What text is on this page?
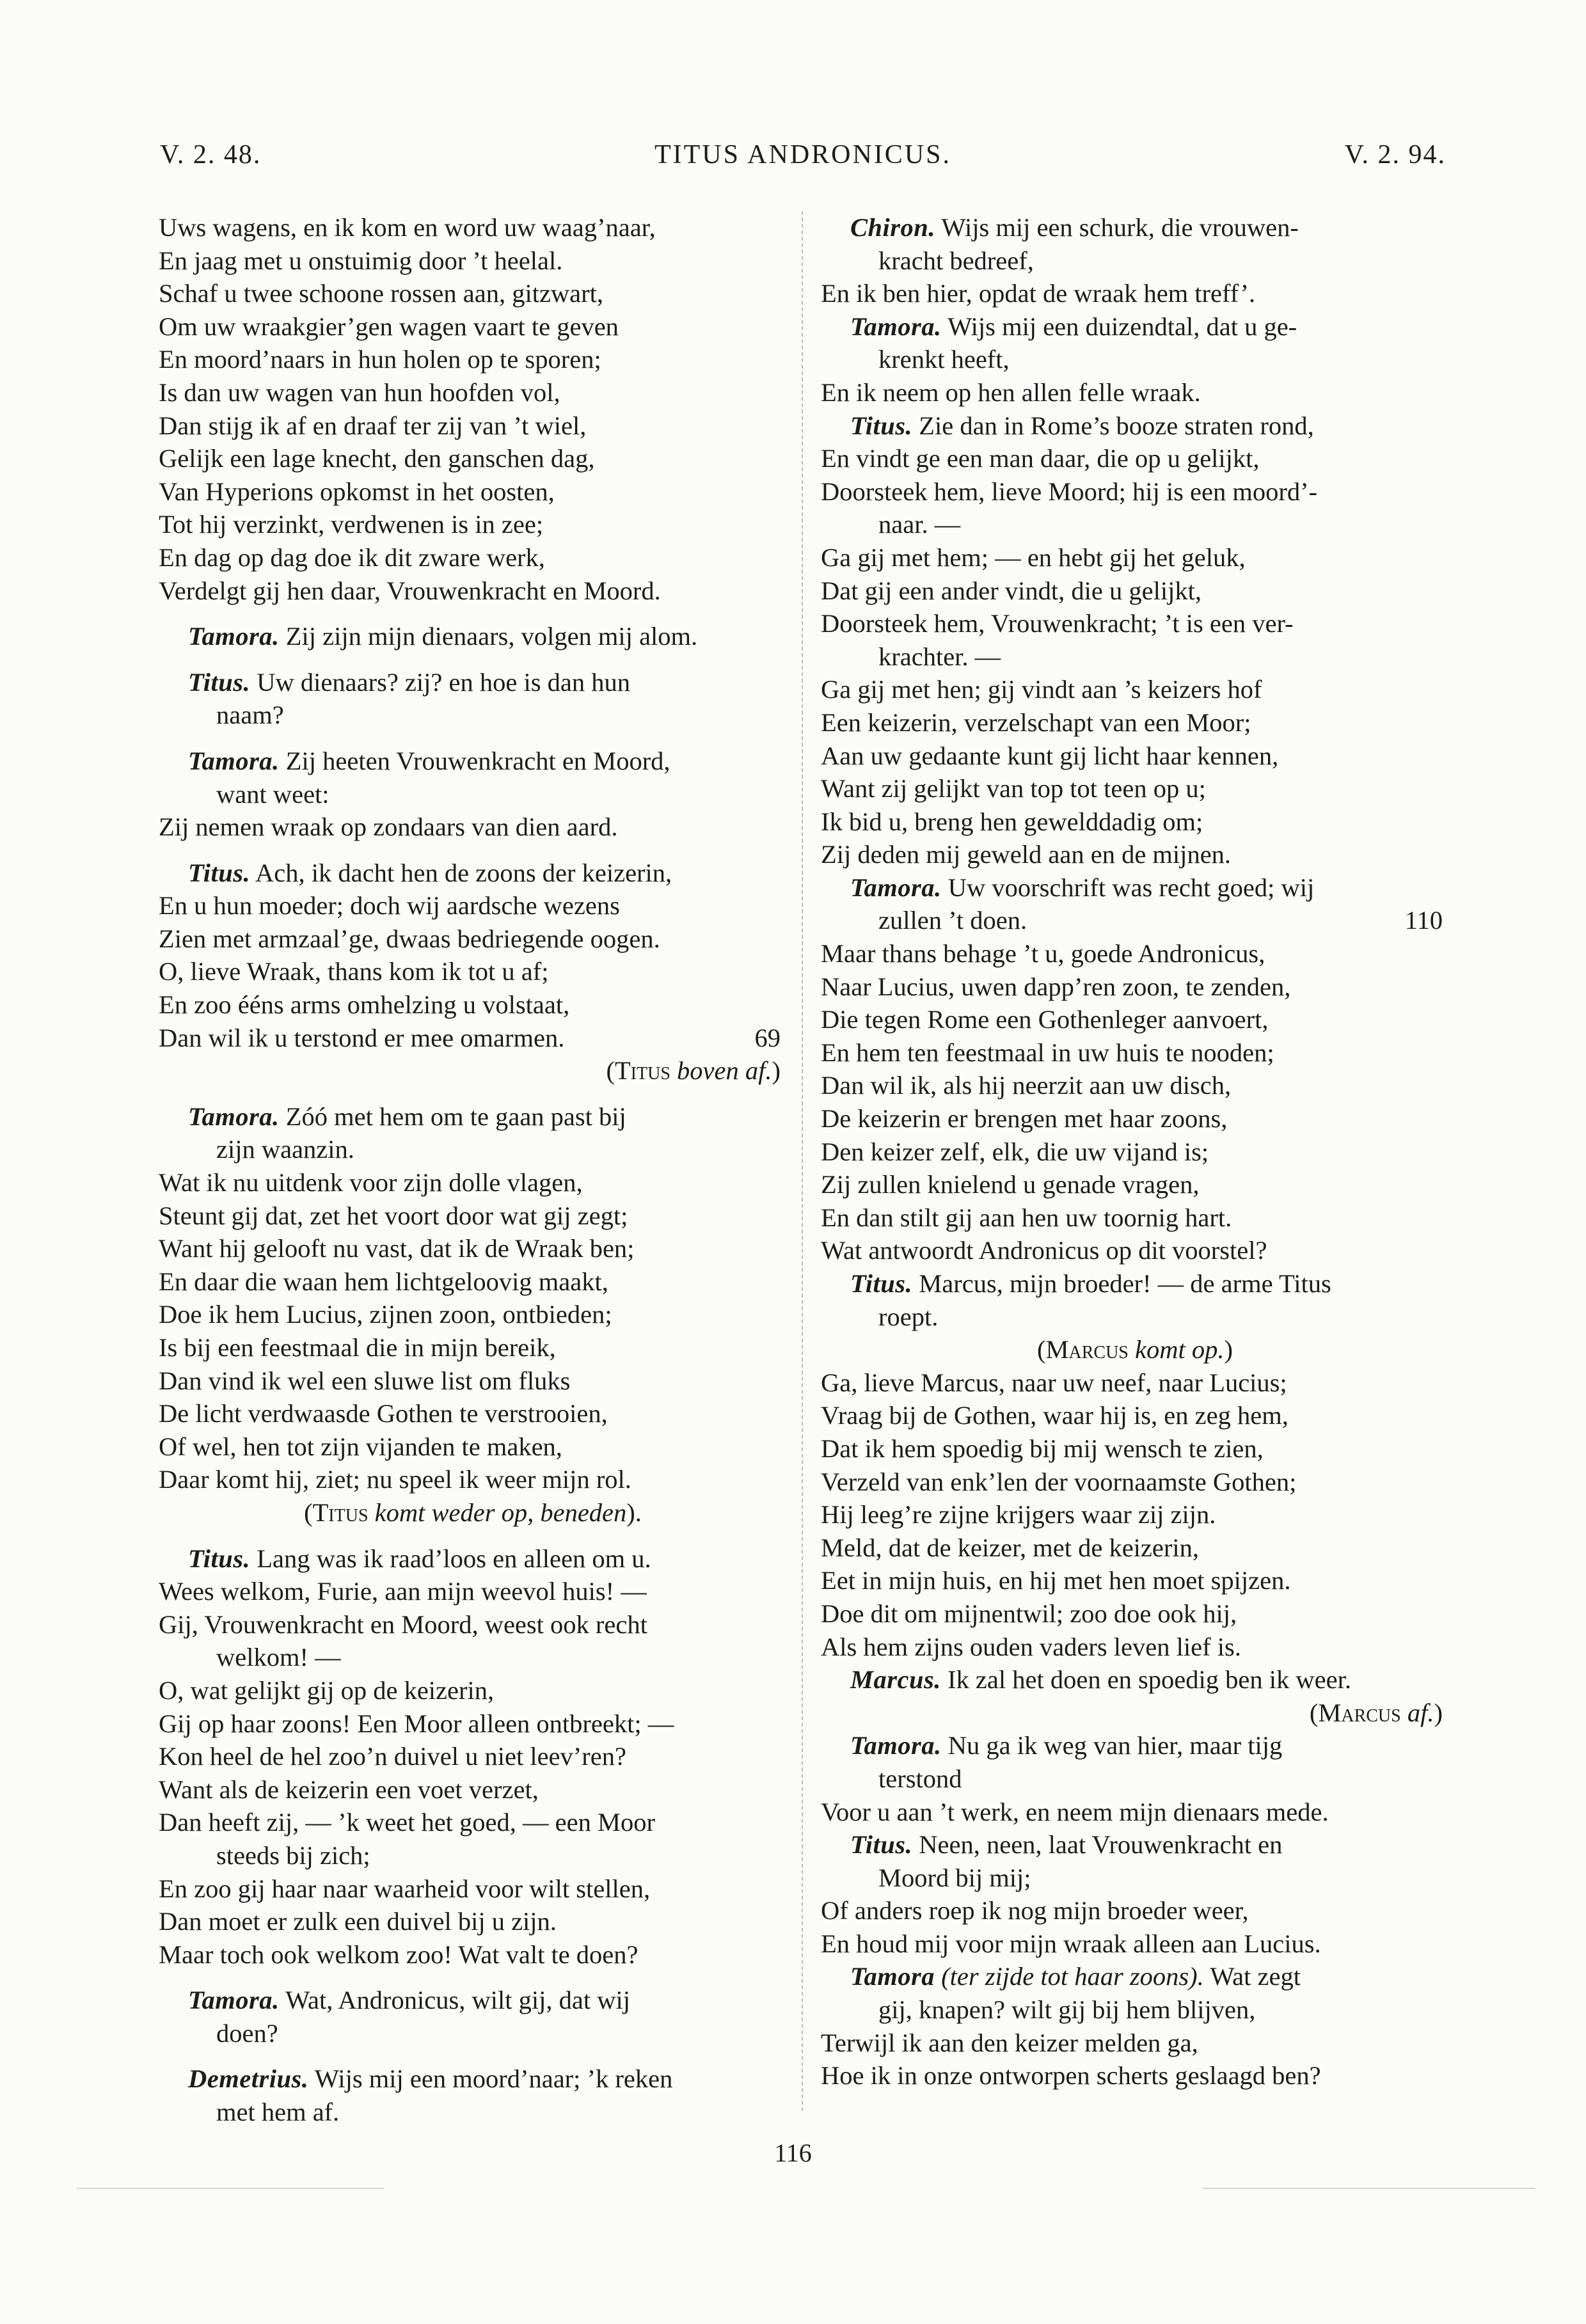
V. 2. 48.	TITUS ANDRONICUS.	V. 2. 94.
Uws wagens, en ik kom en word uw waag’naar,
En jaag met u onstuimig door ’t heelal.
Schaf u twee schoone rossen aan, gitzwart,
Om uw wraakgier’gen wagen vaart te geven
En moord’naars in hun holen op te sporen;
Is dan uw wagen van hun hoofden vol,
Dan stijg ik af en draaf ter zij van ’t wiel,
Gelijk een lage knecht, den ganschen dag,
Van Hyperions opkomst in het oosten,
Tot hij verzinkt, verdwenen is in zee;
En dag op dag doe ik dit zware werk,
Verdelgt gij hen daar, Vrouwenkracht en Moord.
Tamora. Zij zijn mijn dienaars, volgen mij alom.
Titus. Uw dienaars? zij? en hoe is dan hun
naam?
Tamora. Zij heeten Vrouwenkracht en Moord,
want weet:
Zij nemen wraak op zondaars van dien aard.
Titus. Ach, ik dacht hen de zoons der keizerin,
En u hun moeder; doch wij aardsche wezens
Zien met armzaal’ge, dwaas bedriegende oogen.
O, lieve Wraak, thans kom ik tot u af;
En zoo ééns arms omhelzing u volstaat,
Dan wil ik u terstond er mee omarmen.	69
(Titus boven af.)
Tamora. Zóó met hem om te gaan past bij
zijn waanzin.
Wat ik nu uitdenk voor zijn dolle vlagen,
Steunt gij dat, zet het voort door wat gij zegt;
Want hij gelooft nu vast, dat ik de Wraak ben;
En daar die waan hem lichtgeloovig maakt,
Doe ik hem Lucius, zijnen zoon, ontbieden;
Is bij een feestmaal die in mijn bereik,
Dan vind ik wel een sluwe list om fluks
De licht verdwaasde Gothen te verstrooien,
Of wel, hen tot zijn vijanden te maken,
Daar komt hij, ziet; nu speel ik weer mijn rol.
(Titus komt weder op, beneden).
Titus. Lang was ik raad’loos en alleen om u.
Wees welkom, Furie, aan mijn weevol huis! —
Gij, Vrouwenkracht en Moord, weest ook recht
welkom! —
O, wat gelijkt gij op de keizerin,
Gij op haar zoons! Een Moor alleen ontbreekt; —
Kon heel de hel zoo’n duivel u niet leev’ren?
Want als de keizerin een voet verzet,
Dan heeft zij, — ’k weet het goed, — een Moor
steeds bij zich;
En zoo gij haar naar waarheid voor wilt stellen,
Dan moet er zulk een duivel bij u zijn.
Maar toch ook welkom zoo! Wat valt te doen?
Tamora. Wat, Andronicus, wilt gij, dat wij
doen?
Demetrius. Wijs mij een moord’naar; ’k reken
met hem af.
Chiron. Wijs mij een schurk, die vrouwen-
kracht bedreef,
En ik ben hier, opdat de wraak hem treff’.
Tamora. Wijs mij een duizendtal, dat u ge-
krenkt heeft,
En ik neem op hen allen felle wraak.
Titus. Zie dan in Rome’s booze straten rond,
En vindt ge een man daar, die op u gelijkt,
Doorsteek hem, lieve Moord; hij is een moord’-
naar. —
Ga gij met hem; — en hebt gij het geluk,
Dat gij een ander vindt, die u gelijkt,
Doorsteek hem, Vrouwenkracht; ’t is een ver-
krachter. —
Ga gij met hen; gij vindt aan ’s keizers hof
Een keizerin, verzelschapt van een Moor;
Aan uw gedaante kunt gij licht haar kennen,
Want zij gelijkt van top tot teen op u;
Ik bid u, breng hen gewelddadig om;
Zij deden mij geweld aan en de mijnen.
Tamora. Uw voorschrift was recht goed; wij
zullen ’t doen.	110
Maar thans behage ’t u, goede Andronicus,
Naar Lucius, uwen dapp’ren zoon, te zenden,
Die tegen Rome een Gothenleger aanvoert,
En hem ten feestmaal in uw huis te nooden;
Dan wil ik, als hij neerzit aan uw disch,
De keizerin er brengen met haar zoons,
Den keizer zelf, elk, die uw vijand is;
Zij zullen knielend u genade vragen,
En dan stilt gij aan hen uw toornig hart.
Wat antwoordt Andronicus op dit voorstel?
Titus. Marcus, mijn broeder! — de arme Titus
roept.
(Marcus komt op.)
Ga, lieve Marcus, naar uw neef, naar Lucius;
Vraag bij de Gothen, waar hij is, en zeg hem,
Dat ik hem spoedig bij mij wensch te zien,
Verzeld van enk’len der voornaamste Gothen;
Hij leeg’re zijne krijgers waar zij zijn.
Meld, dat de keizer, met de keizerin,
Eet in mijn huis, en hij met hen moet spijzen.
Doe dit om mijnentwil; zoo doe ook hij,
Als hem zijns ouden vaders leven lief is.
Marcus. Ik zal het doen en spoedig ben ik weer.
(Marcus af.)
Tamora. Nu ga ik weg van hier, maar tijg
terstond
Voor u aan ’t werk, en neem mijn dienaars mede.
Titus. Neen, neen, laat Vrouwenkracht en
Moord bij mij;
Of anders roep ik nog mijn broeder weer,
En houd mij voor mijn wraak alleen aan Lucius.
Tamora (ter zijde tot haar zoons). Wat zegt
gij, knapen? wilt gij bij hem blijven,
Terwijl ik aan den keizer melden ga,
Hoe ik in onze ontworpen scherts geslaagd ben?
116
